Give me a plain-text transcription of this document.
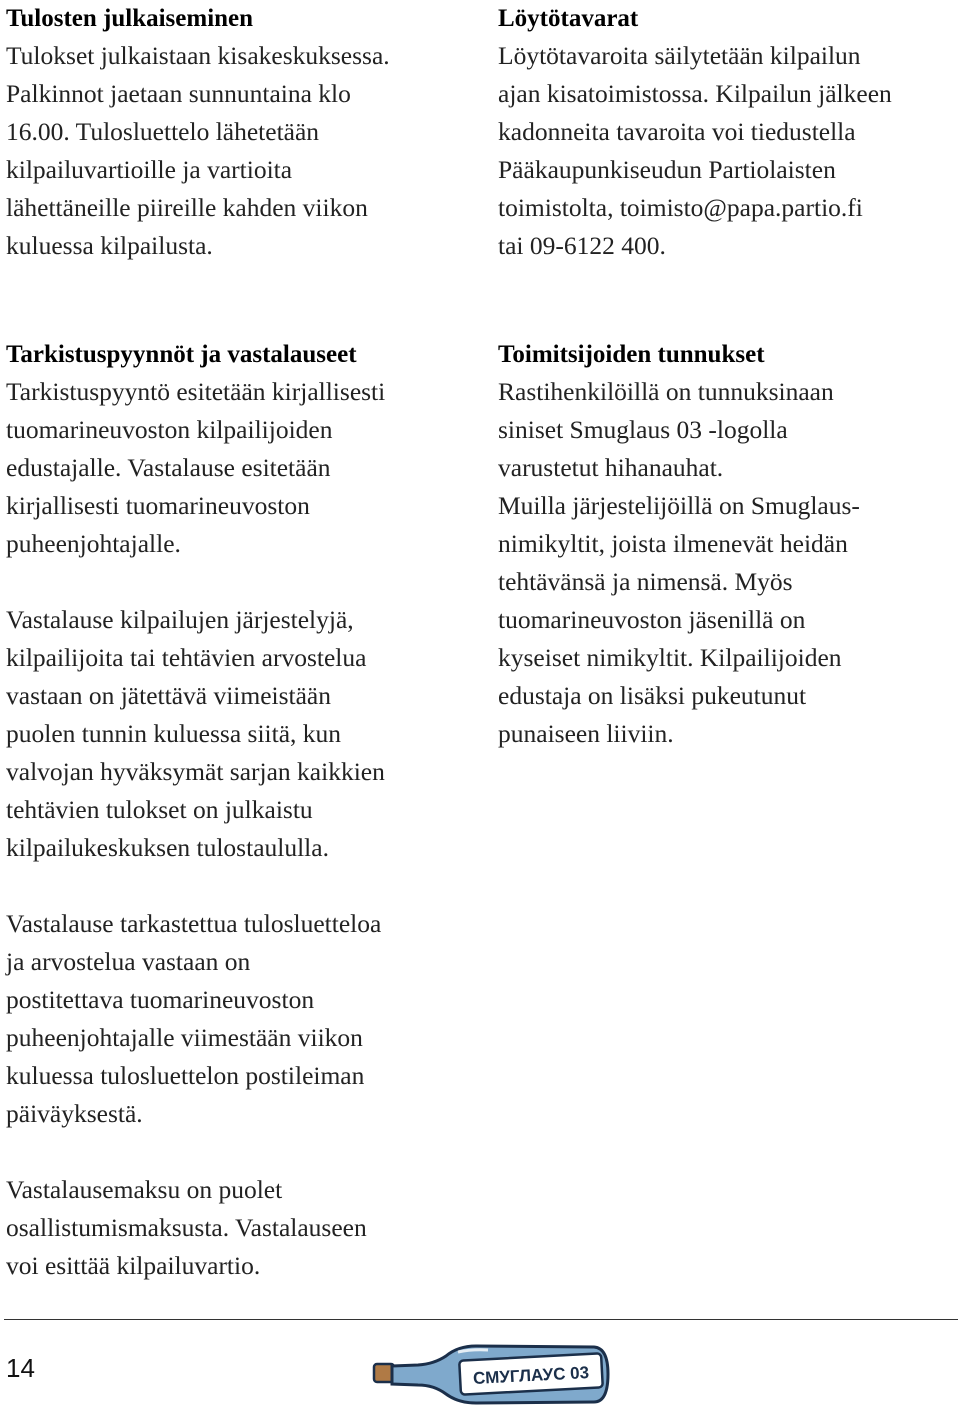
Tulosten julkaiseminen

Tulokset julkaistaan kisakeskuksessa.
Palkinnot jaetaan sunnuntaina klo
16.00. Tulosluettelo lähetetään
kilpailuvartioille ja vartioita
lähettäneille piireille kahden viikon
kuluessa kilpailusta.

Löytötavarat

Löytötavaroita säilytetään kilpailun
ajan kisatoimistossa. Kilpailun jälkeen
kadonneita tavaroita voi tiedustella
Pääkaupunkiseudun Partiolaisten
toimistolta, toimisto@papa.partio.fi
tai 09-6122 400.

Tarkistuspyynnöt ja vastalauseet

Tarkistuspyyntö esitetään kirjallisesti
tuomarineuvoston kilpailijoiden
edustajalle. Vastalause esitetään
kirjallisesti tuomarineuvoston
puheenjohtajalle.

Vastalause kilpailujen järjestelyjä,
kilpailijoita tai tehtävien arvostelua
vastaan on jätettävä viimeistään
puolen tunnin kuluessa siitä, kun
valvojan hyväksymät sarjan kaikkien
tehtävien tulokset on julkaistu
kilpailukeskuksen tulostaululla.

Vastalause tarkastettua tulosluetteloa
ja arvostelua vastaan on
postitettava tuomarineuvoston
puheenjohtajalle viimestään viikon
kuluessa tulosluettelon postileiman
päiväyksestä.

Vastalausemaksu on puolet
osallistumismaksusta. Vastalauseen
voi esittää kilpailuvartio.

Toimitsijoiden tunnukset

Rastihenkilöillä on tunnuksinaan
siniset Smuglaus 03 -logolla
varustetut hihanauhat.
Muilla järjestelijöillä on Smuglaus-
nimikyltit, joista ilmenevät heidän
tehtävänsä ja nimensä. Myös
tuomarineuvoston jäsenillä on
kyseiset nimikyltit. Kilpailijoiden
edustaja on lisäksi pukeutunut
punaiseen liiviin.

14	СМУГЛАУС 03
